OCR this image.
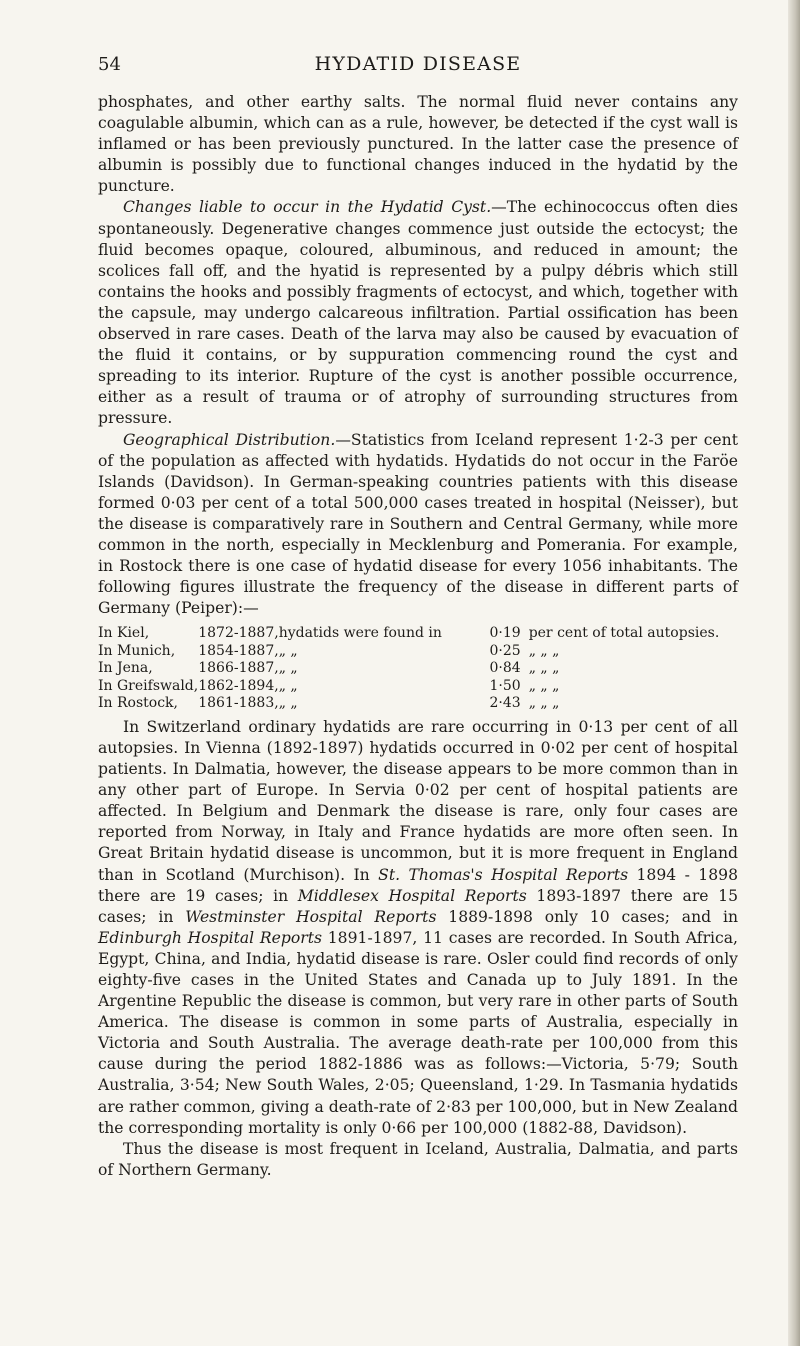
54	HYDATID DISEASE

phosphates, and other earthy salts. The normal fluid never contains any coagulable albumin, which can as a rule, however, be detected if the cyst wall is inflamed or has been previously punctured. In the latter case the presence of albumin is possibly due to functional changes induced in the hydatid by the puncture.

Changes liable to occur in the Hydatid Cyst.—The echinococcus often dies spontaneously. Degenerative changes commence just outside the ectocyst; the fluid becomes opaque, coloured, albuminous, and reduced in amount; the scolices fall off, and the hyatid is represented by a pulpy débris which still contains the hooks and possibly fragments of ectocyst, and which, together with the capsule, may undergo calcareous infiltration. Partial ossification has been observed in rare cases. Death of the larva may also be caused by evacuation of the fluid it contains, or by suppuration commencing round the cyst and spreading to its interior. Rupture of the cyst is another possible occurrence, either as a result of trauma or of atrophy of surrounding structures from pressure.

Geographical Distribution.—Statistics from Iceland represent 1·2-3 per cent of the population as affected with hydatids. Hydatids do not occur in the Faröe Islands (Davidson). In German-speaking countries patients with this disease formed 0·03 per cent of a total 500,000 cases treated in hospital (Neisser), but the disease is comparatively rare in Southern and Central Germany, while more common in the north, especially in Mecklenburg and Pomerania. For example, in Rostock there is one case of hydatid disease for every 1056 inhabitants. The following figures illustrate the frequency of the disease in different parts of Germany (Peiper):—

In Kiel,	1872-1887,	hydatids were found in	0·19	per cent of total autopsies.
In Munich,	1854-1887,	„ „	0·25	„ „ „
In Jena,	1866-1887,	„ „	0·84	„ „ „
In Greifswald,	1862-1894,	„ „	1·50	„ „ „
In Rostock,	1861-1883,	„ „	2·43	„ „ „

In Switzerland ordinary hydatids are rare occurring in 0·13 per cent of all autopsies. In Vienna (1892-1897) hydatids occurred in 0·02 per cent of hospital patients. In Dalmatia, however, the disease appears to be more common than in any other part of Europe. In Servia 0·02 per cent of hospital patients are affected. In Belgium and Denmark the disease is rare, only four cases are reported from Norway, in Italy and France hydatids are more often seen. In Great Britain hydatid disease is uncommon, but it is more frequent in England than in Scotland (Murchison). In St. Thomas's Hospital Reports 1894 - 1898 there are 19 cases; in Middlesex Hospital Reports 1893-1897 there are 15 cases; in Westminster Hospital Reports 1889-1898 only 10 cases; and in Edinburgh Hospital Reports 1891-1897, 11 cases are recorded. In South Africa, Egypt, China, and India, hydatid disease is rare. Osler could find records of only eighty-five cases in the United States and Canada up to July 1891. In the Argentine Republic the disease is common, but very rare in other parts of South America. The disease is common in some parts of Australia, especially in Victoria and South Australia. The average death-rate per 100,000 from this cause during the period 1882-1886 was as follows:—Victoria, 5·79; South Australia, 3·54; New South Wales, 2·05; Queensland, 1·29. In Tasmania hydatids are rather common, giving a death-rate of 2·83 per 100,000, but in New Zealand the corresponding mortality is only 0·66 per 100,000 (1882-88, Davidson).

Thus the disease is most frequent in Iceland, Australia, Dalmatia, and parts of Northern Germany.
